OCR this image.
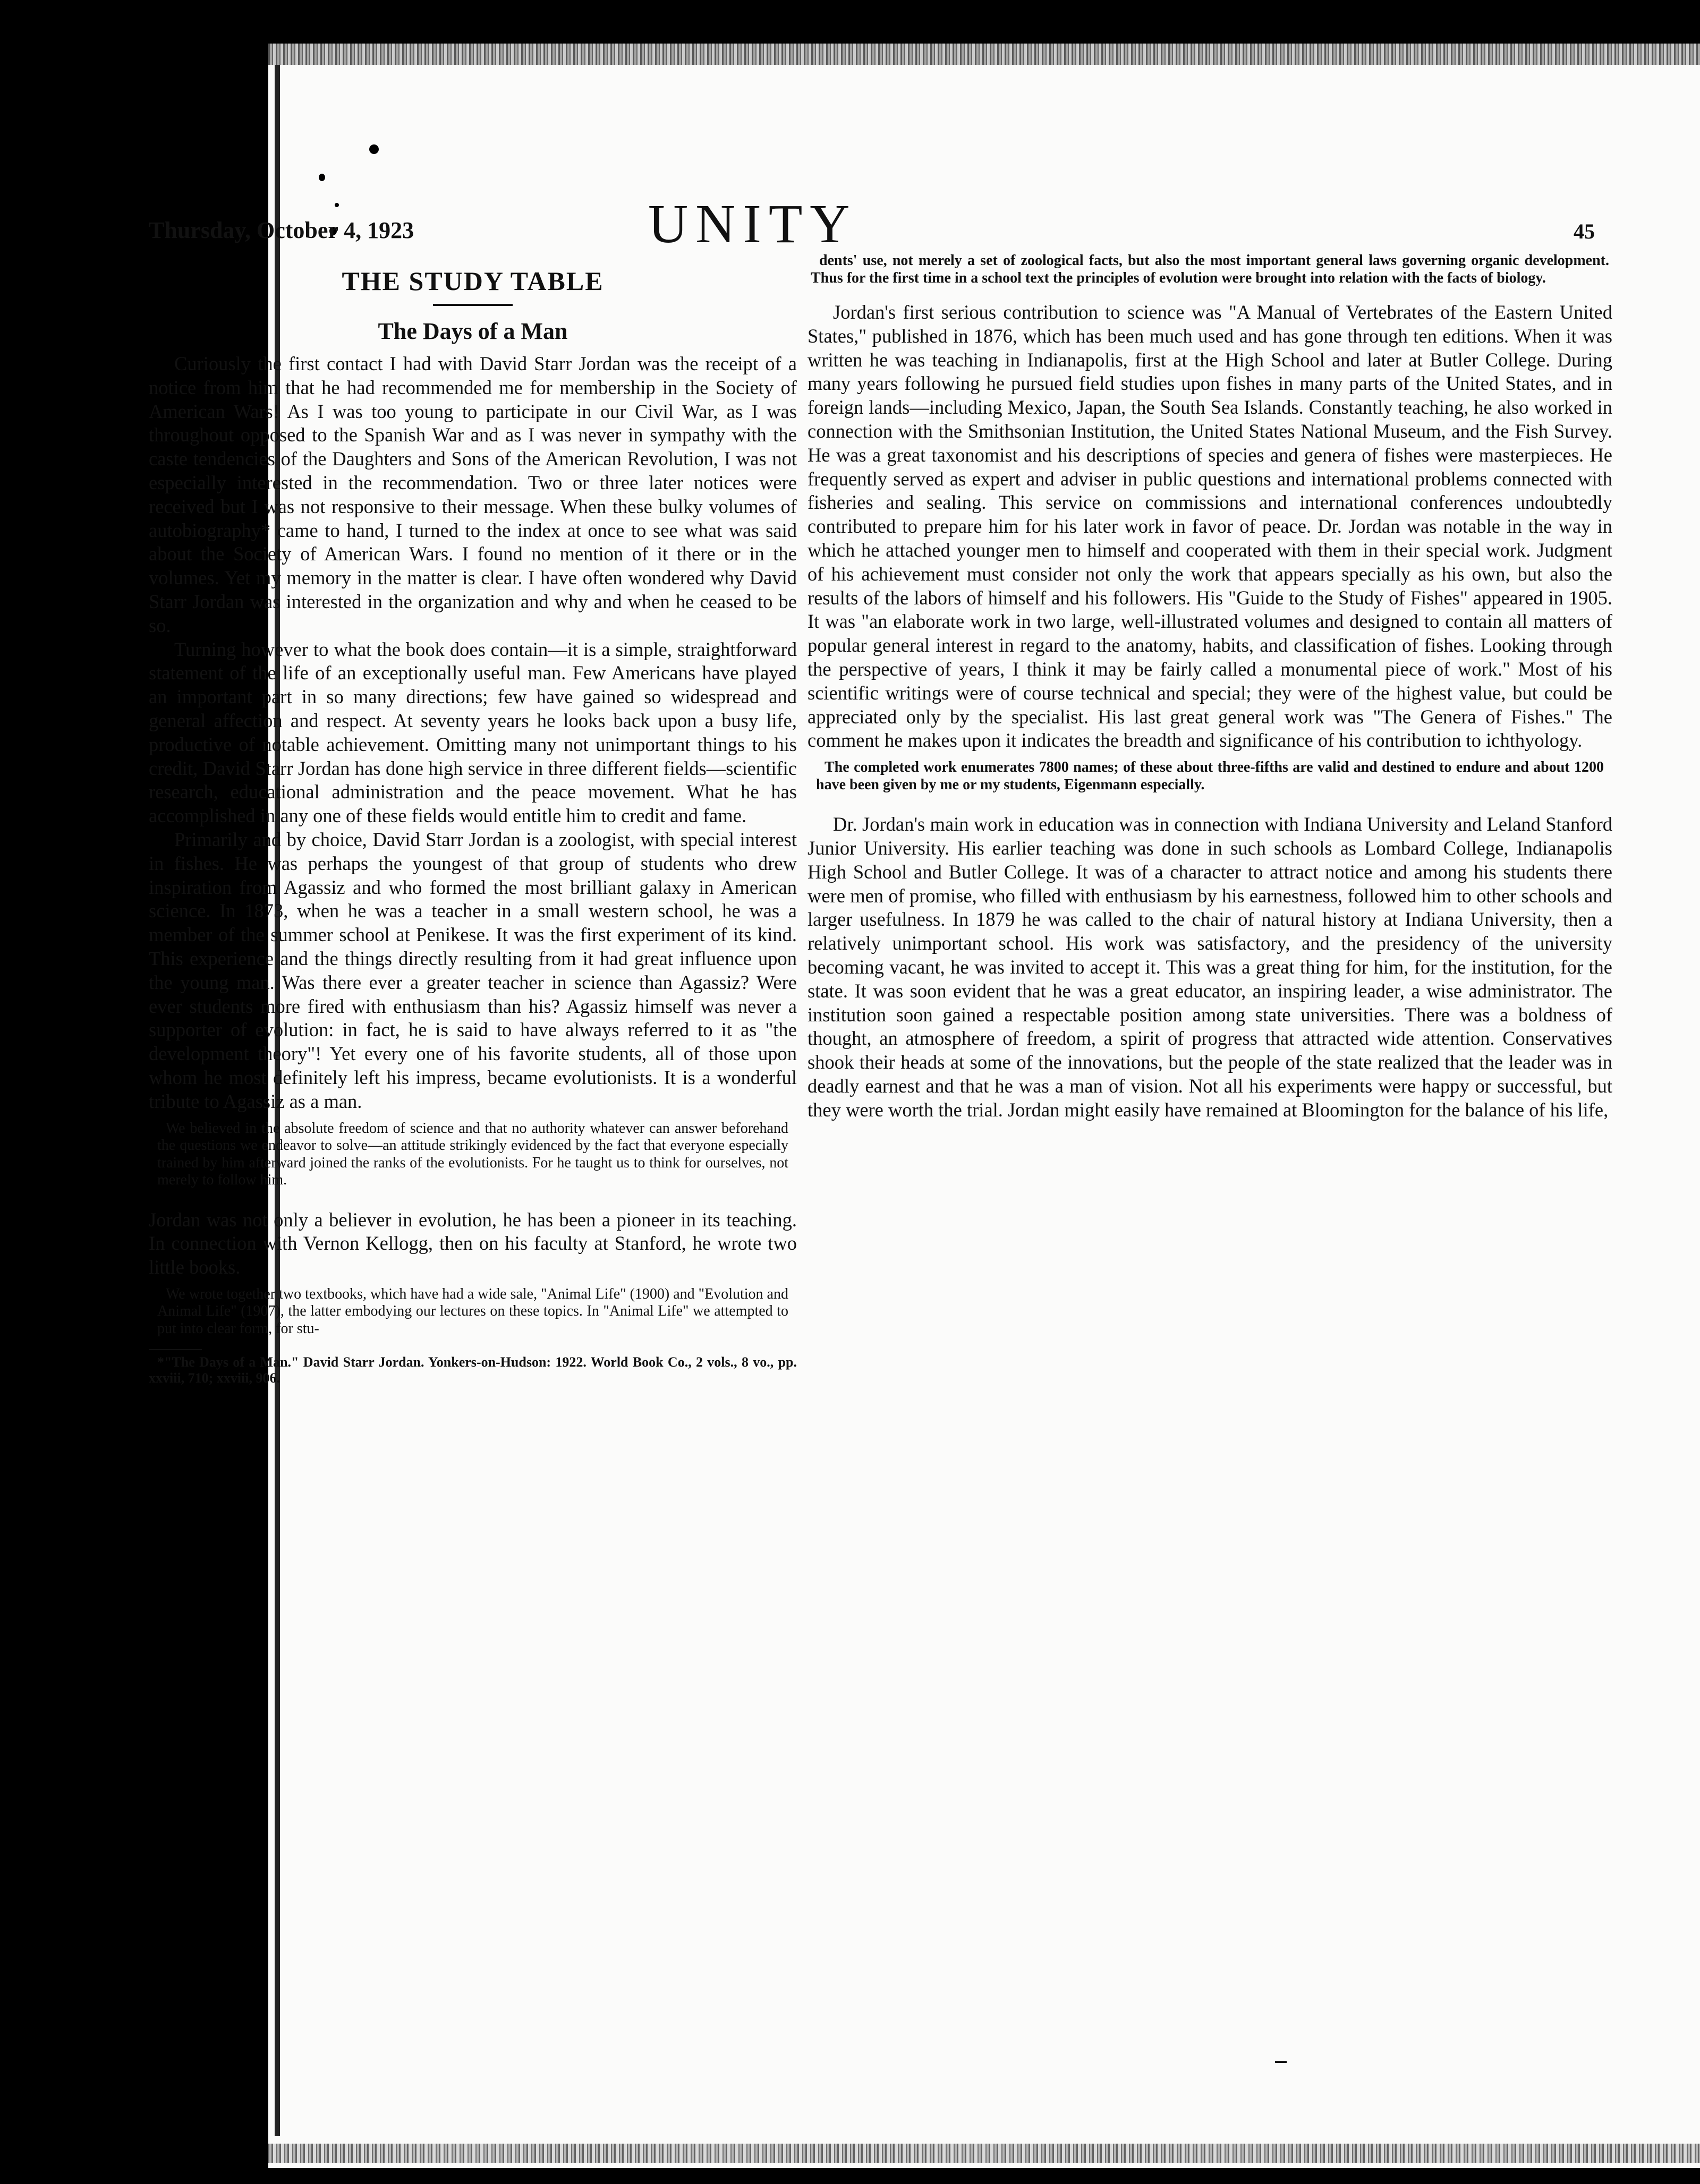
Thursday, October 4, 1923	UNITY	45
THE STUDY TABLE
The Days of a Man

Curiously the first contact I had with David Starr Jordan was the receipt of a notice from him that he had recommended me for membership in the Society of American Wars! As I was too young to participate in our Civil War, as I was throughout opposed to the Spanish War and as I was never in sympathy with the caste tendencies of the Daughters and Sons of the American Revolution, I was not especially interested in the recommendation. Two or three later notices were received but I was not responsive to their message. When these bulky volumes of autobiography* came to hand, I turned to the index at once to see what was said about the Society of American Wars. I found no mention of it there or in the volumes. Yet my memory in the matter is clear. I have often wondered why David Starr Jordan was interested in the organization and why and when he ceased to be so.

Turning however to what the book does contain—it is a simple, straightforward statement of the life of an exceptionally useful man. Few Americans have played an important part in so many directions; few have gained so widespread and general affection and respect. At seventy years he looks back upon a busy life, productive of notable achievement. Omitting many not unimportant things to his credit, David Starr Jordan has done high service in three different fields—scientific research, educational administration and the peace movement. What he has accomplished in any one of these fields would entitle him to credit and fame.

Primarily and by choice, David Starr Jordan is a zoologist, with special interest in fishes. He was perhaps the youngest of that group of students who drew inspiration from Agassiz and who formed the most brilliant galaxy in American science. In 1873, when he was a teacher in a small western school, he was a member of the summer school at Penikese. It was the first experiment of its kind. This experience and the things directly resulting from it had great influence upon the young man. Was there ever a greater teacher in science than Agassiz? Were ever students more fired with enthusiasm than his? Agassiz himself was never a supporter of evolution: in fact, he is said to have always referred to it as "the development theory"! Yet every one of his favorite students, all of those upon whom he most definitely left his impress, became evolutionists. It is a wonderful tribute to Agassiz as a man.

We believed in the absolute freedom of science and that no authority whatever can answer beforehand the questions we endeavor to solve—an attitude strikingly evidenced by the fact that everyone especially trained by him afterward joined the ranks of the evolutionists. For he taught us to think for ourselves, not merely to follow him.

Jordan was not only a believer in evolution, he has been a pioneer in its teaching. In connection with Vernon Kellogg, then on his faculty at Stanford, he wrote two little books.

We wrote together two textbooks, which have had a wide sale, "Animal Life" (1900) and "Evolution and Animal Life" (1907), the latter embodying our lectures on these topics. In "Animal Life" we attempted to put into clear form, for stu-

*"The Days of a Man." David Starr Jordan. Yonkers-on-Hudson: 1922. World Book Co., 2 vols., 8 vo., pp. xxviii, 710; xxviii, 906.

dents' use, not merely a set of zoological facts, but also the most important general laws governing organic development. Thus for the first time in a school text the principles of evolution were brought into relation with the facts of biology.

Jordan's first serious contribution to science was "A Manual of Vertebrates of the Eastern United States," published in 1876, which has been much used and has gone through ten editions. When it was written he was teaching in Indianapolis, first at the High School and later at Butler College. During many years following he pursued field studies upon fishes in many parts of the United States, and in foreign lands—including Mexico, Japan, the South Sea Islands. Constantly teaching, he also worked in connection with the Smithsonian Institution, the United States National Museum, and the Fish Survey. He was a great taxonomist and his descriptions of species and genera of fishes were masterpieces. He frequently served as expert and adviser in public questions and international problems connected with fisheries and sealing. This service on commissions and international conferences undoubtedly contributed to prepare him for his later work in favor of peace. Dr. Jordan was notable in the way in which he attached younger men to himself and cooperated with them in their special work. Judgment of his achievement must consider not only the work that appears specially as his own, but also the results of the labors of himself and his followers. His "Guide to the Study of Fishes" appeared in 1905. It was "an elaborate work in two large, well-illustrated volumes and designed to contain all matters of popular general interest in regard to the anatomy, habits, and classification of fishes. Looking through the perspective of years, I think it may be fairly called a monumental piece of work." Most of his scientific writings were of course technical and special; they were of the highest value, but could be appreciated only by the specialist. His last great general work was "The Genera of Fishes." The comment he makes upon it indicates the breadth and significance of his contribution to ichthyology.

The completed work enumerates 7800 names; of these about three-fifths are valid and destined to endure and about 1200 have been given by me or my students, Eigenmann especially.

Dr. Jordan's main work in education was in connection with Indiana University and Leland Stanford Junior University. His earlier teaching was done in such schools as Lombard College, Indianapolis High School and Butler College. It was of a character to attract notice and among his students there were men of promise, who filled with enthusiasm by his earnestness, followed him to other schools and larger usefulness. In 1879 he was called to the chair of natural history at Indiana University, then a relatively unimportant school. His work was satisfactory, and the presidency of the university becoming vacant, he was invited to accept it. This was a great thing for him, for the institution, for the state. It was soon evident that he was a great educator, an inspiring leader, a wise administrator. The institution soon gained a respectable position among state universities. There was a boldness of thought, an atmosphere of freedom, a spirit of progress that attracted wide attention. Conservatives shook their heads at some of the innovations, but the people of the state realized that the leader was in deadly earnest and that he was a man of vision. Not all his experiments were happy or successful, but they were worth the trial. Jordan might easily have remained at Bloomington for the balance of his life,
